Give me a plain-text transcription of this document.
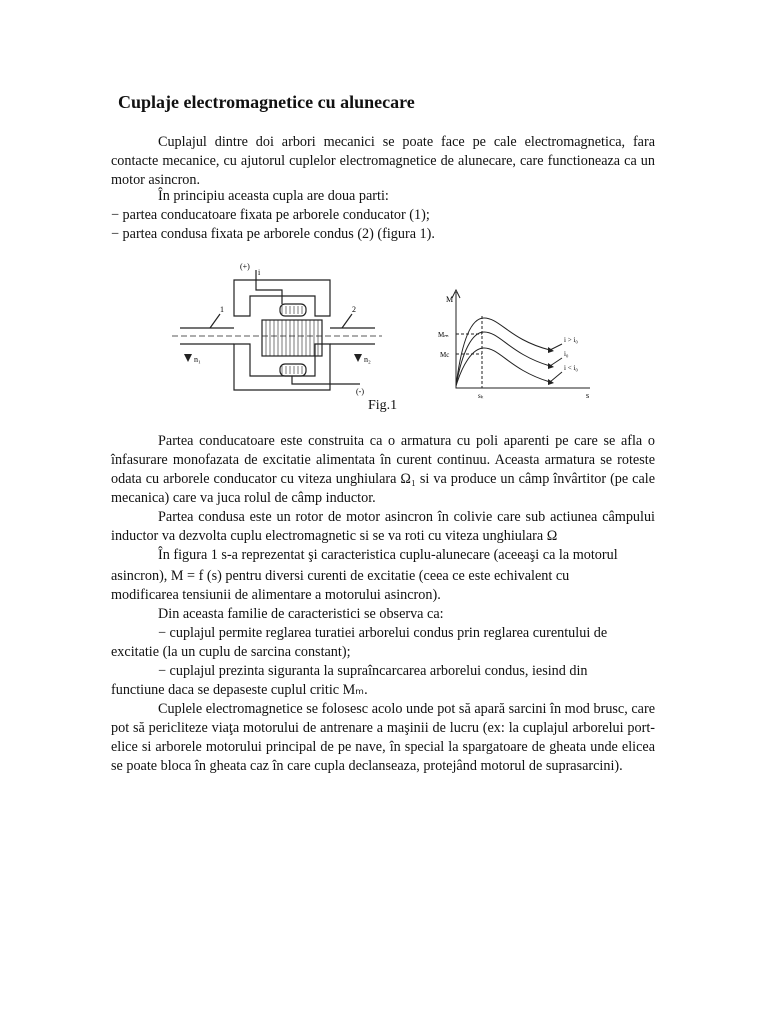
Cuplaje electromagnetice cu alunecare

Cuplajul dintre doi arbori mecanici se poate face pe cale electromagnetica, fara contacte mecanice, cu ajutorul cuplelor electromagnetice de alunecare, care functioneaza ca un motor asincron.

În principiu aceasta cupla are doua parti:
− partea conducatoare fixata pe arborele conducator (1);
− partea condusa fixata pe arborele condus (2) (figura 1).
(+)
i
1	2
n₁	n₂
(-)
M
Mₘ
Mc
sₖ	s
i > i₀
i₀
i < i₀
Fig.1

Partea conducatoare este construita ca o armatura cu poli aparenti pe care se afla o înfasurare monofazata de excitatie alimentata în curent continuu. Aceasta armatura se roteste odata cu arborele conducator cu viteza unghiulara Ω₁ si va produce un câmp învârtitor (pe cale mecanica) care va juca rolul de câmp inductor.

Partea condusa este un rotor de motor asincron în colivie care sub actiunea câmpului inductor va dezvolta cuplu electromagnetic si se va roti cu viteza unghiulara Ω

În figura 1 s-a reprezentat şi caracteristica cuplu-alunecare (aceeaşi ca la motorul
asincron), M = f (s) pentru diversi curenti de excitatie (ceea ce este echivalent cu
modificarea tensiunii de alimentare a motorului asincron).
Din aceasta familie de caracteristici se observa ca:
− cuplajul permite reglarea turatiei arborelui condus prin reglarea curentului de
excitatie (la un cuplu de sarcina constant);
− cuplajul prezinta siguranta la supraîncarcarea arborelui condus, iesind din
functiune daca se depaseste cuplul critic Mₘ.

Cuplele electromagnetice se folosesc acolo unde pot să apară sarcini în mod brusc, care pot să pericliteze viaţa motorului de antrenare a maşinii de lucru (ex: la cuplajul arborelui port-elice si arborele motorului principal de pe nave, în special la spargatoare de gheata unde elicea se poate bloca în gheata caz în care cupla declanseaza, protejând motorul de suprasarcini).
